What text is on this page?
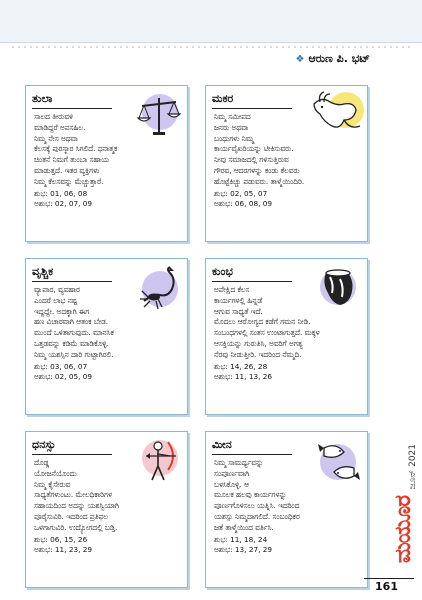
❖ ಆರುಣ ಪಿ. ಭಟ್
ತುಲಾ

ಸಾಲದ ತೀರುವಳಿ

ಮಾಡಿದ್ದರೆ ಅಪಸಹಿಲ.

ನಿಮ್ಮ ನೇಸ ಅಥವಾ

ಕೆಲಸಕ್ಕೆ ಪುರಸ್ಕಾರ ಸಿಗಲಿದೆ. ಧನಾತ್ಮಕ

ಚಿಂತನೆ ನಿಮಗೆ ತುಂಬಾ ಸಹಾಯ

ಮಾಡುತ್ತದೆ. ಇತರ ವ್ಯಕ್ತಿಗಳು

ನಿಮ್ಮ ಕೆಲಸವನ್ನು ಮೆಚ್ಚುತ್ತಾರೆ.

ಶುಭ: 01, 06, 08
ಅಶುಭ: 02, 07, 09
ಮಕರ

ನಿಮ್ಮ ಸಮೀಪದ

ಜನರು ಅಥವಾ

ಬಂಧುಗಳು ನಿಮ್ಮ

ಕಾರ್ಯವೈಖರಿಯನ್ನು ಟೀಕಿಸುವರು.

ನೀವು ಸಮಾಜದಲ್ಲಿ ಗಳಿಸುತ್ತಿರುವ

ಗೌರವ, ಆದರಗಳನ್ನು ಕಂಡು ಕೆಲವರು

ಹೊಟ್ಟೆಕಿಚ್ಚು ಪಡುವರು. ತಾಳ್ಮೆಯಿಂದಿರಿ.

ಶುಭ: 02, 05, 07
ಅಶುಭ: 06, 08, 09
ವೃಶ್ಚಿಕ

ವ್ಯಾಪಾರ, ವ್ಯವಹಾರ

ಎಂದರೆ ಲಾಭ ನಷ್ಟ

ಇದ್ದದ್ದೇ. ಅದಕ್ಕಾಗಿ ಈಗ

ಹಣ ವಿಚಾರವಾಗಿ ಆತಂಕ ಬೇಡ.

ಮುಂದೆ ಒಳಿತಾಗುವುದು. ಮಾನಸಿಕ

ಒತ್ತಡವನ್ನು ಕಡಿಮೆ ಮಾಡಿಕೊಳ್ಳಿ.

ನಿಮ್ಮ ಯಶಸ್ಸಿನ ದಾರಿ ಗುಟ್ಟಾಗಿರಲಿ.

ಶುಭ: 03, 06, 07
ಅಶುಭ: 02, 05, 09
ಕುಂಭ

ಅಪೇಕ್ಷಿದ ಕೆಲಸ

ಕಾರ್ಯಗಳಲ್ಲಿ ಹಿನ್ನಡೆ

ಆಗುವ ಸಾಧ್ಯತೆ ಇದೆ.

ಮೊದಲು ಆರೋಗ್ಯದ ಕಡೆಗೆ ಗಮನ ನೀಡಿ.

ಸಂಬಂಧಗಳಲ್ಲಿ ಸಂತಸ ಉಂಟಾಗುತ್ತದೆ. ಮಕ್ಕಳ

ಆಸಕ್ತಿಯನ್ನು ಗುರುತಿಸಿ, ಅವರಿಗೆ ಅಗತ್ಯ

ನೆರವು ನೀಡುತ್ತೀರಿ. ಇದರಿಂದ ನೆಮ್ಮದಿ.

ಶುಭ: 14, 26, 28
ಅಶುಭ: 11, 13, 26
ಧನಸ್ಸು

ದೊಡ್ಡ

ಯೋಜನೆಯೊಂದು

ನಿಮ್ಮ ಕೈಸೇರುವ

ಸಾಧ್ಯತೆಗಳುಂಟು. ಮೇಲಧಿಕಾರಿಗಳ

ಸಹಾಯದಿಂದ ಅದನ್ನು ಯಶಸ್ವಿಯಾಗಿ

ಪೂರೈಸುವಿರಿ. ಇದರಿಂದ ಪ್ರತಿಫಲ

ಒಳಗಾಗುವಿರಿ. ಉದ್ಯೋಗದಲ್ಲಿ ಬಡ್ತಿ.

ಶುಭ: 06, 15, 26
ಅಶುಭ: 11, 23, 29
ಮೀನ

ನಿಮ್ಮ ಸಾಮರ್ಥ್ಯವನ್ನು

ಸಂಪೂರ್ಣವಾಗಿ

ಬಳಸಿಕೊಳ್ಳಿ. ಆ

ಮೂಲಕ ಹಲವು ಕಾರ್ಯಗಳನ್ನು

ಪೂರ್ಣಗೊಳಿಸಲು ಯತ್ನಿಸಿ. ಇದರಿಂದ

ಯಶಸ್ಸು ನಿಮ್ಮದಾಗಲಿದೆ. ಸಂಬಂಧಿಕರ

ಜತೆ ತಾಳ್ಮೆಯಿಂದ ವರ್ತಿಸಿ.

ಶುಭ: 11, 18, 24
ಅಶುಭ: 13, 27, 29
ಜೂನ್ 2021
ಮಯೂರ
161
